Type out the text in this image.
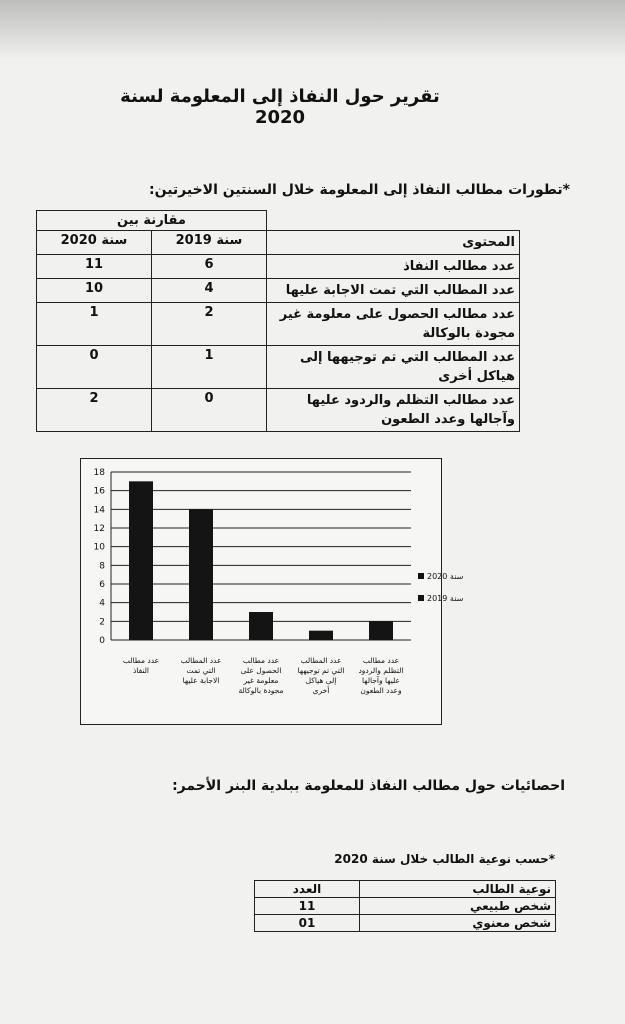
تقرير حول النفاذ إلى المعلومة لسنة 2020
*تطورات مطالب النفاذ إلى المعلومة خلال السنتين الاخيرتين:
مقارنة بين		
سنة 2020	سنة 2019	المحتوى
11	6	عدد مطالب النفاذ
10	4	عدد المطالب التي تمت الاجابة عليها
1	2	عدد مطالب الحصول على معلومة غير مجودة بالوكالة
0	1	عدد المطالب التي تم توجيهها إلى هياكل أخرى
2	0	عدد مطالب التظلم والردود عليها وآجالها وعدد الطعون
0
2
4
6
8
10
12
14
16
18
عدد مطالب النفاذ
عدد المطالب التي تمت الاجابة عليها
عدد مطالب الحصول على معلومة غير مجودة بالوكالة
عدد المطالب التي تم توجيهها إلى هياكل أخرى
عدد مطالب التظلم والردود عليها وآجالها وعدد الطعون
سنة 2020
سنة 2019
احصائيات حول مطالب النفاذ للمعلومة ببلدية البنر الأحمر:
*حسب نوعية الطالب خلال سنة 2020
العدد	نوعية الطالب
11	شخص طبيعي
01	شخص معنوي
